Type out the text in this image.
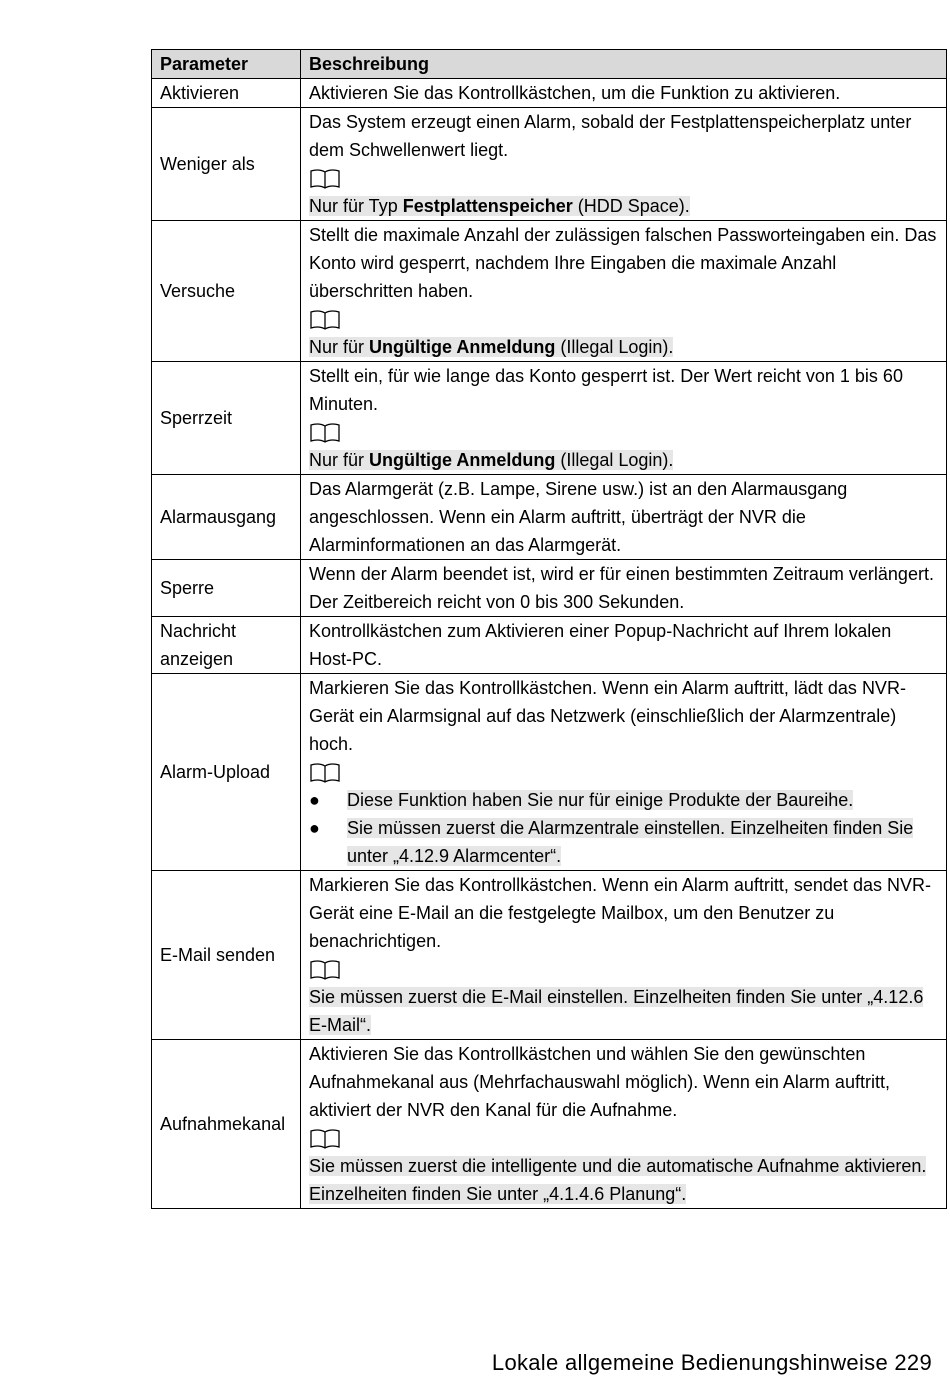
Parameter	Beschreibung
Aktivieren	Aktivieren Sie das Kontrollkästchen, um die Funktion zu aktivieren.
Weniger als	Das System erzeugt einen Alarm, sobald der Festplattenspeicherplatz unter dem Schwellenwert liegt.
Nur für Typ Festplattenspeicher (HDD Space).

Versuche	Stellt die maximale Anzahl der zulässigen falschen Passworteingaben ein. Das Konto wird gesperrt, nachdem Ihre Eingaben die maximale Anzahl überschritten haben.
Nur für Ungültige Anmeldung (Illegal Login).

Sperrzeit	Stellt ein, für wie lange das Konto gesperrt ist. Der Wert reicht von 1 bis 60 Minuten.
Nur für Ungültige Anmeldung (Illegal Login).

Alarmausgang	Das Alarmgerät (z.B. Lampe, Sirene usw.) ist an den Alarmausgang angeschlossen. Wenn ein Alarm auftritt, überträgt der NVR die Alarminformationen an das Alarmgerät.
Sperre	Wenn der Alarm beendet ist, wird er für einen bestimmten Zeitraum verlängert. Der Zeitbereich reicht von 0 bis 300 Sekunden.

Nachricht
anzeigen	Kontrollkästchen zum Aktivieren einer Popup-Nachricht auf Ihrem lokalen Host-PC.
Alarm-Upload	Markieren Sie das Kontrollkästchen. Wenn ein Alarm auftritt, lädt das NVR-Gerät ein Alarmsignal auf das Netzwerk (einschließlich der Alarmzentrale) hoch.
● Diese Funktion haben Sie nur für einige Produkte der Baureihe.
● Sie müssen zuerst die Alarmzentrale einstellen. Einzelheiten finden Sie unter „4.12.9 Alarmcenter“.

E-Mail senden	Markieren Sie das Kontrollkästchen. Wenn ein Alarm auftritt, sendet das NVR-Gerät eine E-Mail an die festgelegte Mailbox, um den Benutzer zu benachrichtigen.
Sie müssen zuerst die E-Mail einstellen. Einzelheiten finden Sie unter „4.12.6 E-Mail“.

Aufnahmekanal	Aktivieren Sie das Kontrollkästchen und wählen Sie den gewünschten Aufnahmekanal aus (Mehrfachauswahl möglich). Wenn ein Alarm auftritt, aktiviert der NVR den Kanal für die Aufnahme.
Sie müssen zuerst die intelligente und die automatische Aufnahme aktivieren. Einzelheiten finden Sie unter „4.1.4.6 Planung“.
Lokale allgemeine Bedienungshinweise 229
